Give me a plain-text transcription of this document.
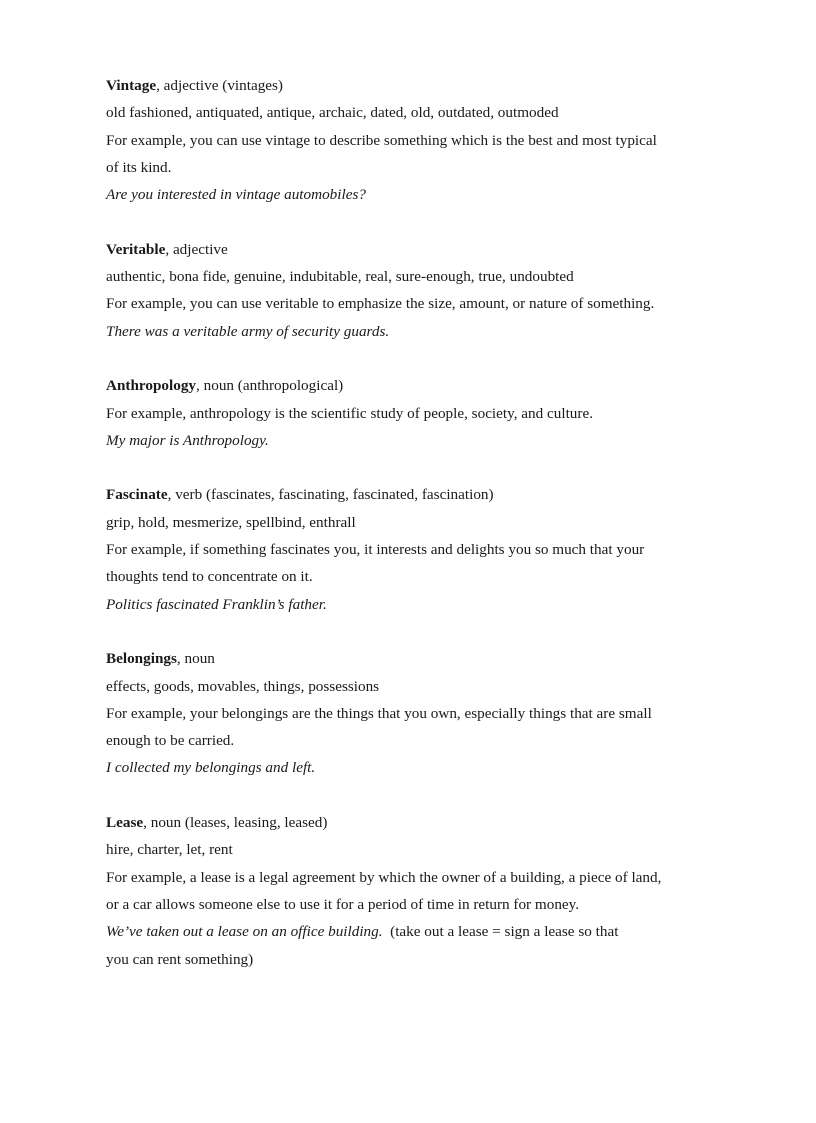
Vintage, adjective (vintages)
old fashioned, antiquated, antique, archaic, dated, old, outdated, outmoded
For example, you can use vintage to describe something which is the best and most typical
of its kind.
Are you interested in vintage automobiles?
Veritable, adjective
authentic, bona fide, genuine, indubitable, real, sure-enough, true, undoubted
For example, you can use veritable to emphasize the size, amount, or nature of something.
There was a veritable army of security guards.
Anthropology, noun (anthropological)
For example, anthropology is the scientific study of people, society, and culture.
My major is Anthropology.
Fascinate, verb (fascinates, fascinating, fascinated, fascination)
grip, hold, mesmerize, spellbind, enthrall
For example, if something fascinates you, it interests and delights you so much that your
thoughts tend to concentrate on it.
Politics fascinated Franklin’s father.
Belongings, noun
effects, goods, movables, things, possessions
For example, your belongings are the things that you own, especially things that are small
enough to be carried.
I collected my belongings and left.
Lease, noun (leases, leasing, leased)
hire, charter, let, rent
For example, a lease is a legal agreement by which the owner of a building, a piece of land,
or a car allows someone else to use it for a period of time in return for money.
We’ve taken out a lease on an office building.  (take out a lease = sign a lease so that
you can rent something)
